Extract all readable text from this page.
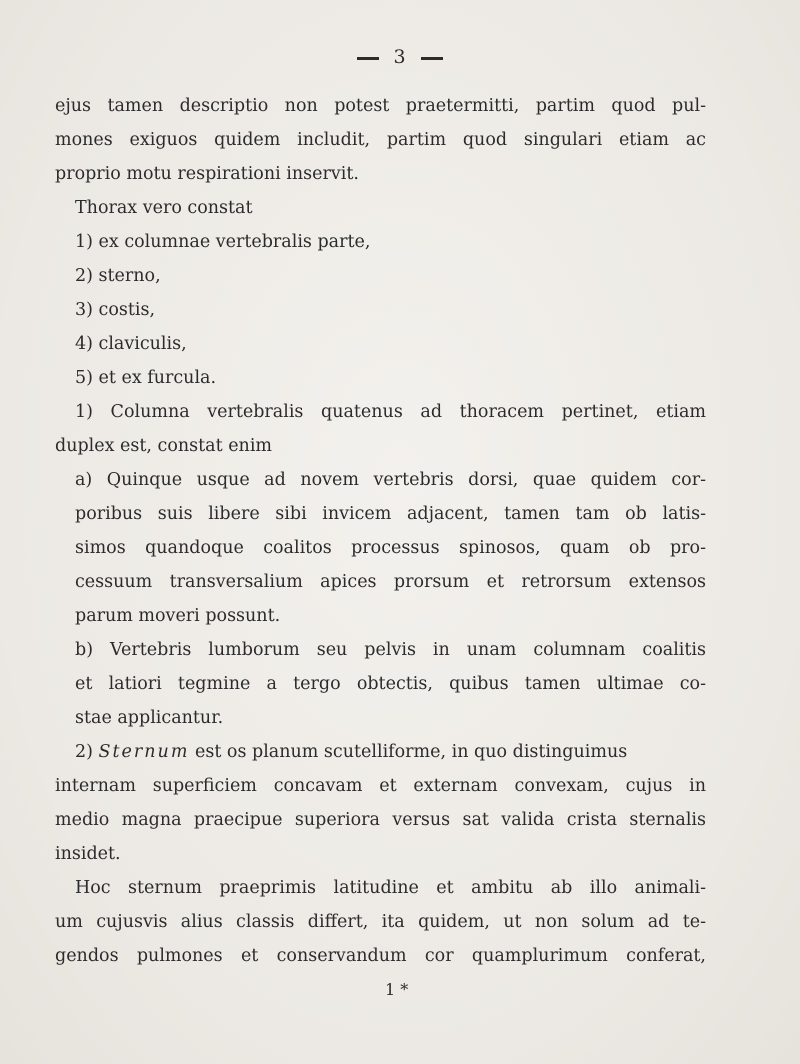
3
ejus tamen descriptio non potest praetermitti, partim quod pul-
mones exiguos quidem includit, partim quod singulari etiam ac
proprio motu respirationi inservit.
Thorax vero constat
1) ex columnae vertebralis parte,
2) sterno,
3) costis,
4) claviculis,
5) et ex furcula.
1) Columna vertebralis quatenus ad thoracem pertinet, etiam
duplex est, constat enim
a) Quinque usque ad novem vertebris dorsi, quae quidem cor-
poribus suis libere sibi invicem adjacent, tamen tam ob latis-
simos quandoque coalitos processus spinosos, quam ob pro-
cessuum transversalium apices prorsum et retrorsum extensos
parum moveri possunt.
b) Vertebris lumborum seu pelvis in unam columnam coalitis
et latiori tegmine a tergo obtectis, quibus tamen ultimae co-
stae applicantur.
2) Sternum est os planum scutelliforme, in quo distinguimus
internam superficiem concavam et externam convexam, cujus in
medio magna praecipue superiora versus sat valida crista sternalis
insidet.
Hoc sternum praeprimis latitudine et ambitu ab illo animali-
um cujusvis alius classis differt, ita quidem, ut non solum ad te-
gendos pulmones et conservandum cor quamplurimum conferat,
1 *
